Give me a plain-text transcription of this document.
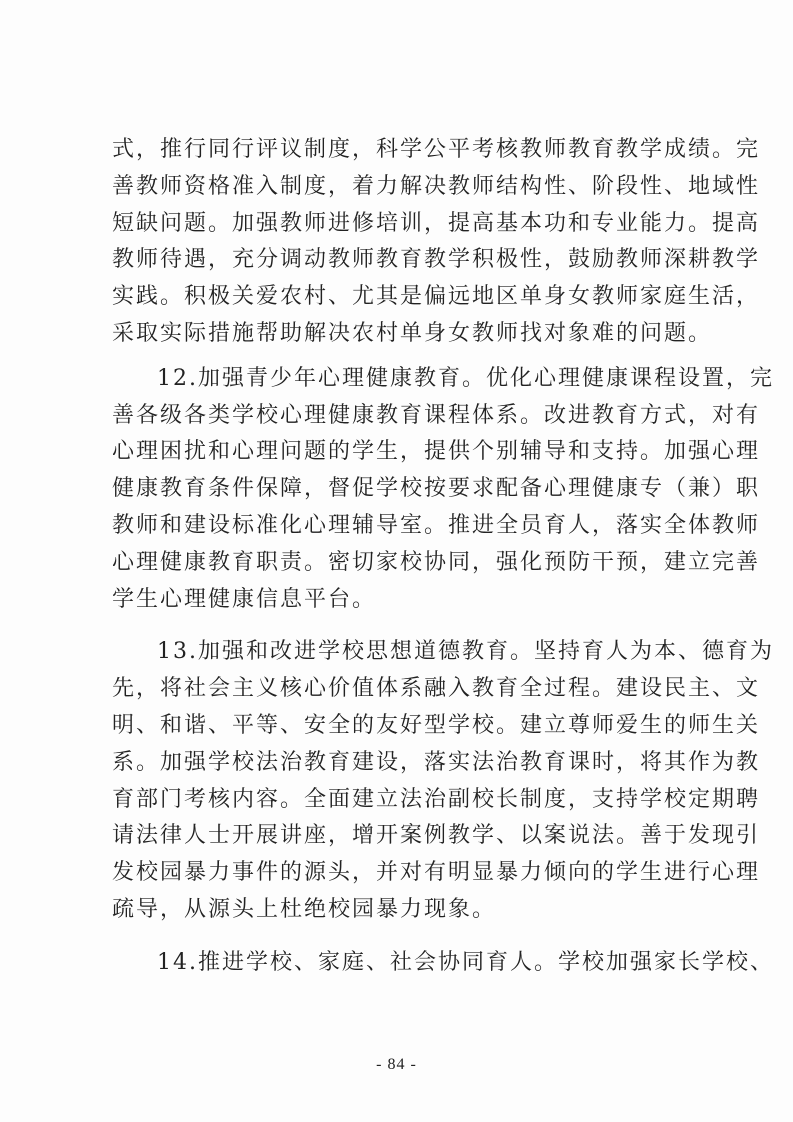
式，推行同行评议制度，科学公平考核教师教育教学成绩。完
善教师资格准入制度，着力解决教师结构性、阶段性、地域性
短缺问题。加强教师进修培训，提高基本功和专业能力。提高
教师待遇，充分调动教师教育教学积极性，鼓励教师深耕教学
实践。积极关爱农村、尤其是偏远地区单身女教师家庭生活，
采取实际措施帮助解决农村单身女教师找对象难的问题。
12.加强青少年心理健康教育。优化心理健康课程设置，完
善各级各类学校心理健康教育课程体系。改进教育方式，对有
心理困扰和心理问题的学生，提供个别辅导和支持。加强心理
健康教育条件保障，督促学校按要求配备心理健康专（兼）职
教师和建设标准化心理辅导室。推进全员育人，落实全体教师
心理健康教育职责。密切家校协同，强化预防干预，建立完善
学生心理健康信息平台。
13.加强和改进学校思想道德教育。坚持育人为本、德育为
先，将社会主义核心价值体系融入教育全过程。建设民主、文
明、和谐、平等、安全的友好型学校。建立尊师爱生的师生关
系。加强学校法治教育建设，落实法治教育课时，将其作为教
育部门考核内容。全面建立法治副校长制度，支持学校定期聘
请法律人士开展讲座，增开案例教学、以案说法。善于发现引
发校园暴力事件的源头，并对有明显暴力倾向的学生进行心理
疏导，从源头上杜绝校园暴力现象。
14.推进学校、家庭、社会协同育人。学校加强家长学校、
- 84 -
